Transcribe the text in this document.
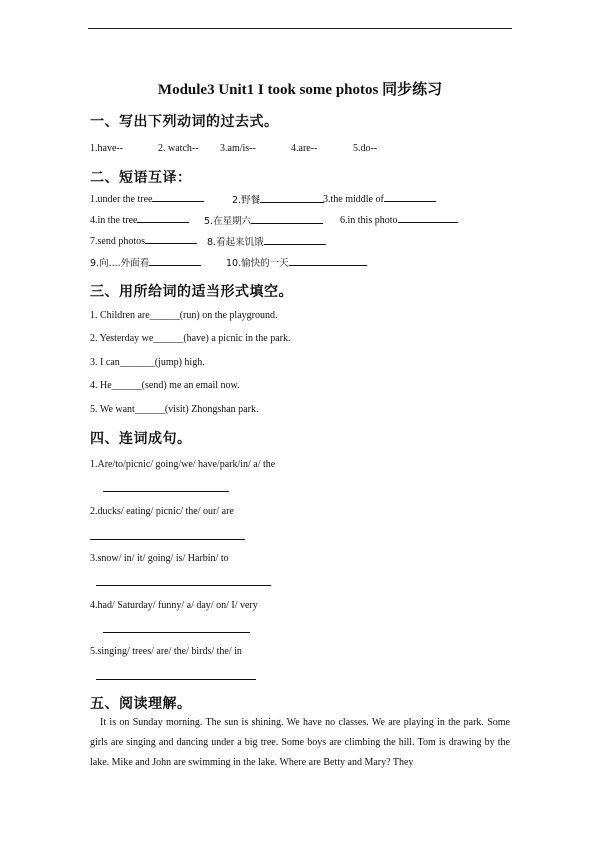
Module3 Unit1 I took some photos 同步练习
一、写出下列动词的过去式。
1.have--	2. watch-- 3.am/is--	4.are--	5.do--
二、短语互译：
1.under the tree	2.野餐	3.the middle of
4.in the tree	5.在星期六	6.in this photo
7.send photos	8.看起来饥饿
9.向....外面看	10.愉快的一天
三、用所给词的适当形式填空。
1. Children are______(run) on the playground.
2. Yesterday we______(have) a picnic in the park.
3. I can_______(jump) high.
4. He______(send) me an email now.
5. We want______(visit) Zhongshan park.
四、连词成句。
1.Are/to/picnic/ going/we/ have/park/in/ a/ the
2.ducks/ eating/ picnic/ the/ our/ are
3.snow/ in/ it/ going/ is/ Harbin/ to
4.had/ Saturday/ funny/ a/ day/ on/ I/ very
5.singing/ trees/ are/ the/ birds/ the/ in
五、阅读理解。
It is on Sunday morning. The sun is shining. We have no classes. We are playing in the park. Some girls are singing and dancing under a big tree. Some boys are climbing the hill. Tom is drawing by the lake. Mike and John are swimming in the lake. Where are Betty and Mary? They
